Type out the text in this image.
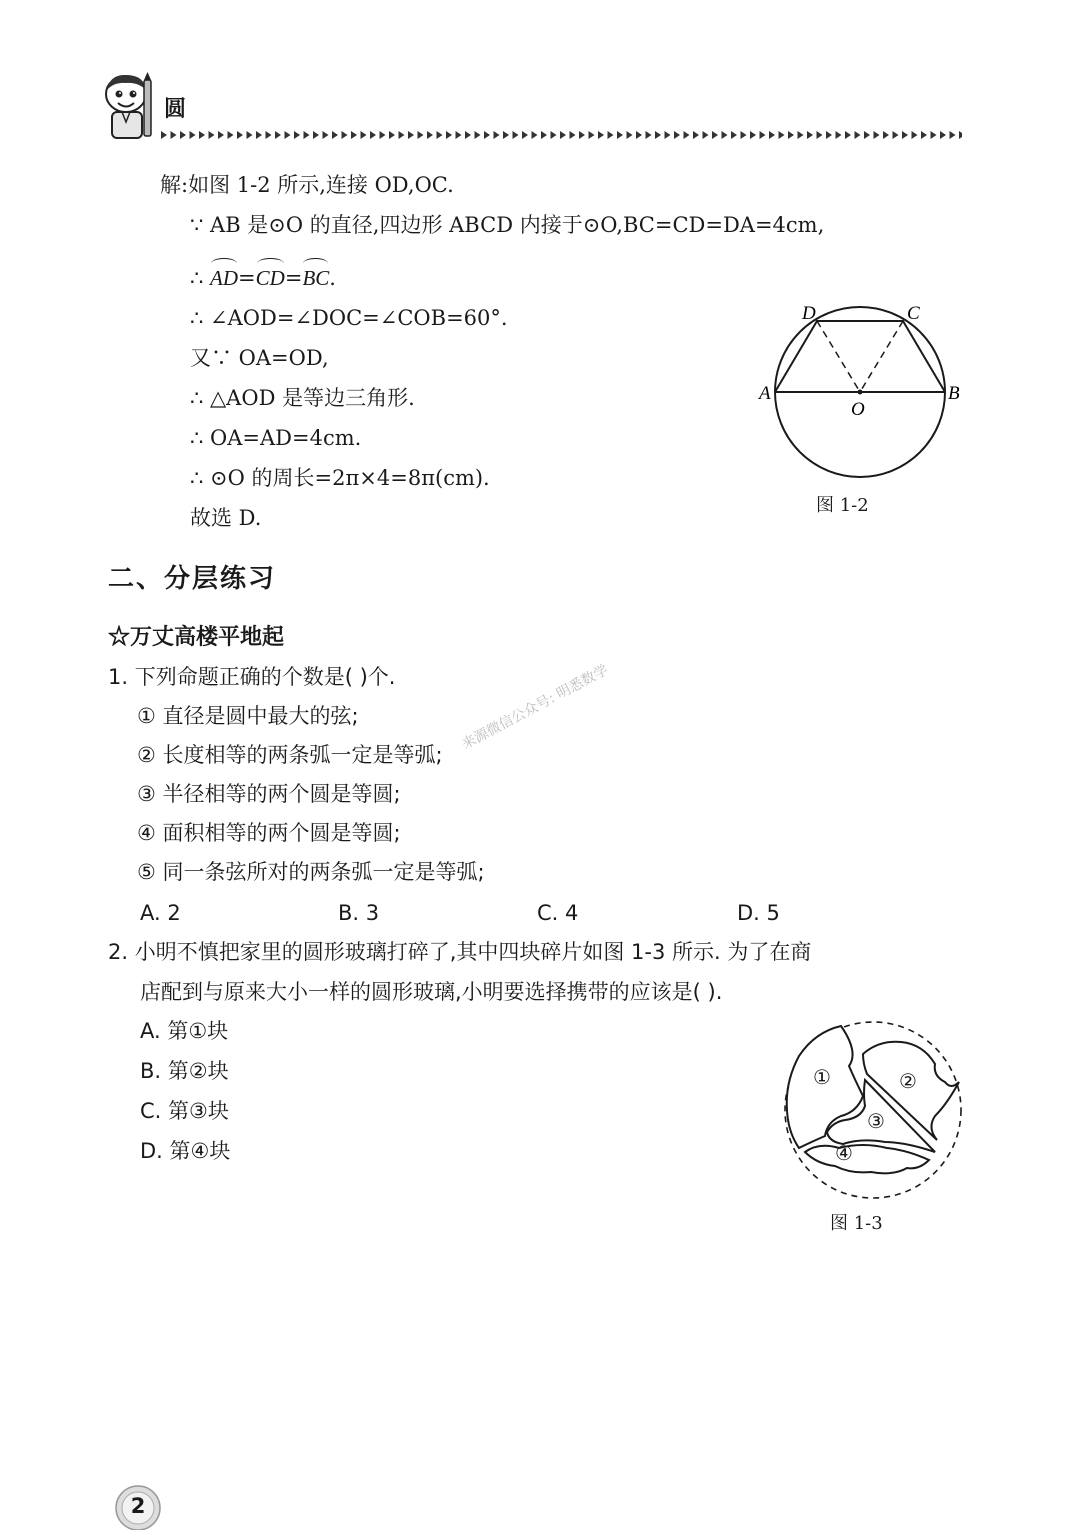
圆
解:如图 1-2 所示,连接 OD,OC.
∵ AB 是⊙O 的直径,四边形 ABCD 内接于⊙O,BC=CD=DA=4cm,
∴ AD=CD=BC.
∴ ∠AOD=∠DOC=∠COB=60°.
又∵ OA=OD,
∴ △AOD 是等边三角形.
∴ OA=AD=4cm.
∴ ⊙O 的周长=2π×4=8π(cm).
故选 D.
D	C
A	B
O
图 1-2
二、分层练习
☆万丈高楼平地起
1. 下列命题正确的个数是( )个.
① 直径是圆中最大的弦;
② 长度相等的两条弧一定是等弧;
③ 半径相等的两个圆是等圆;
④ 面积相等的两个圆是等圆;
⑤ 同一条弦所对的两条弧一定是等弧;
A. 2	B. 3	C. 4	D. 5
来源微信公众号: 明悉数学
2. 小明不慎把家里的圆形玻璃打碎了,其中四块碎片如图 1-3 所示. 为了在商
店配到与原来大小一样的圆形玻璃,小明要选择携带的应该是( ).
A. 第①块
B. 第②块
C. 第③块
D. 第④块
①	②
③
④
图 1-3
2
